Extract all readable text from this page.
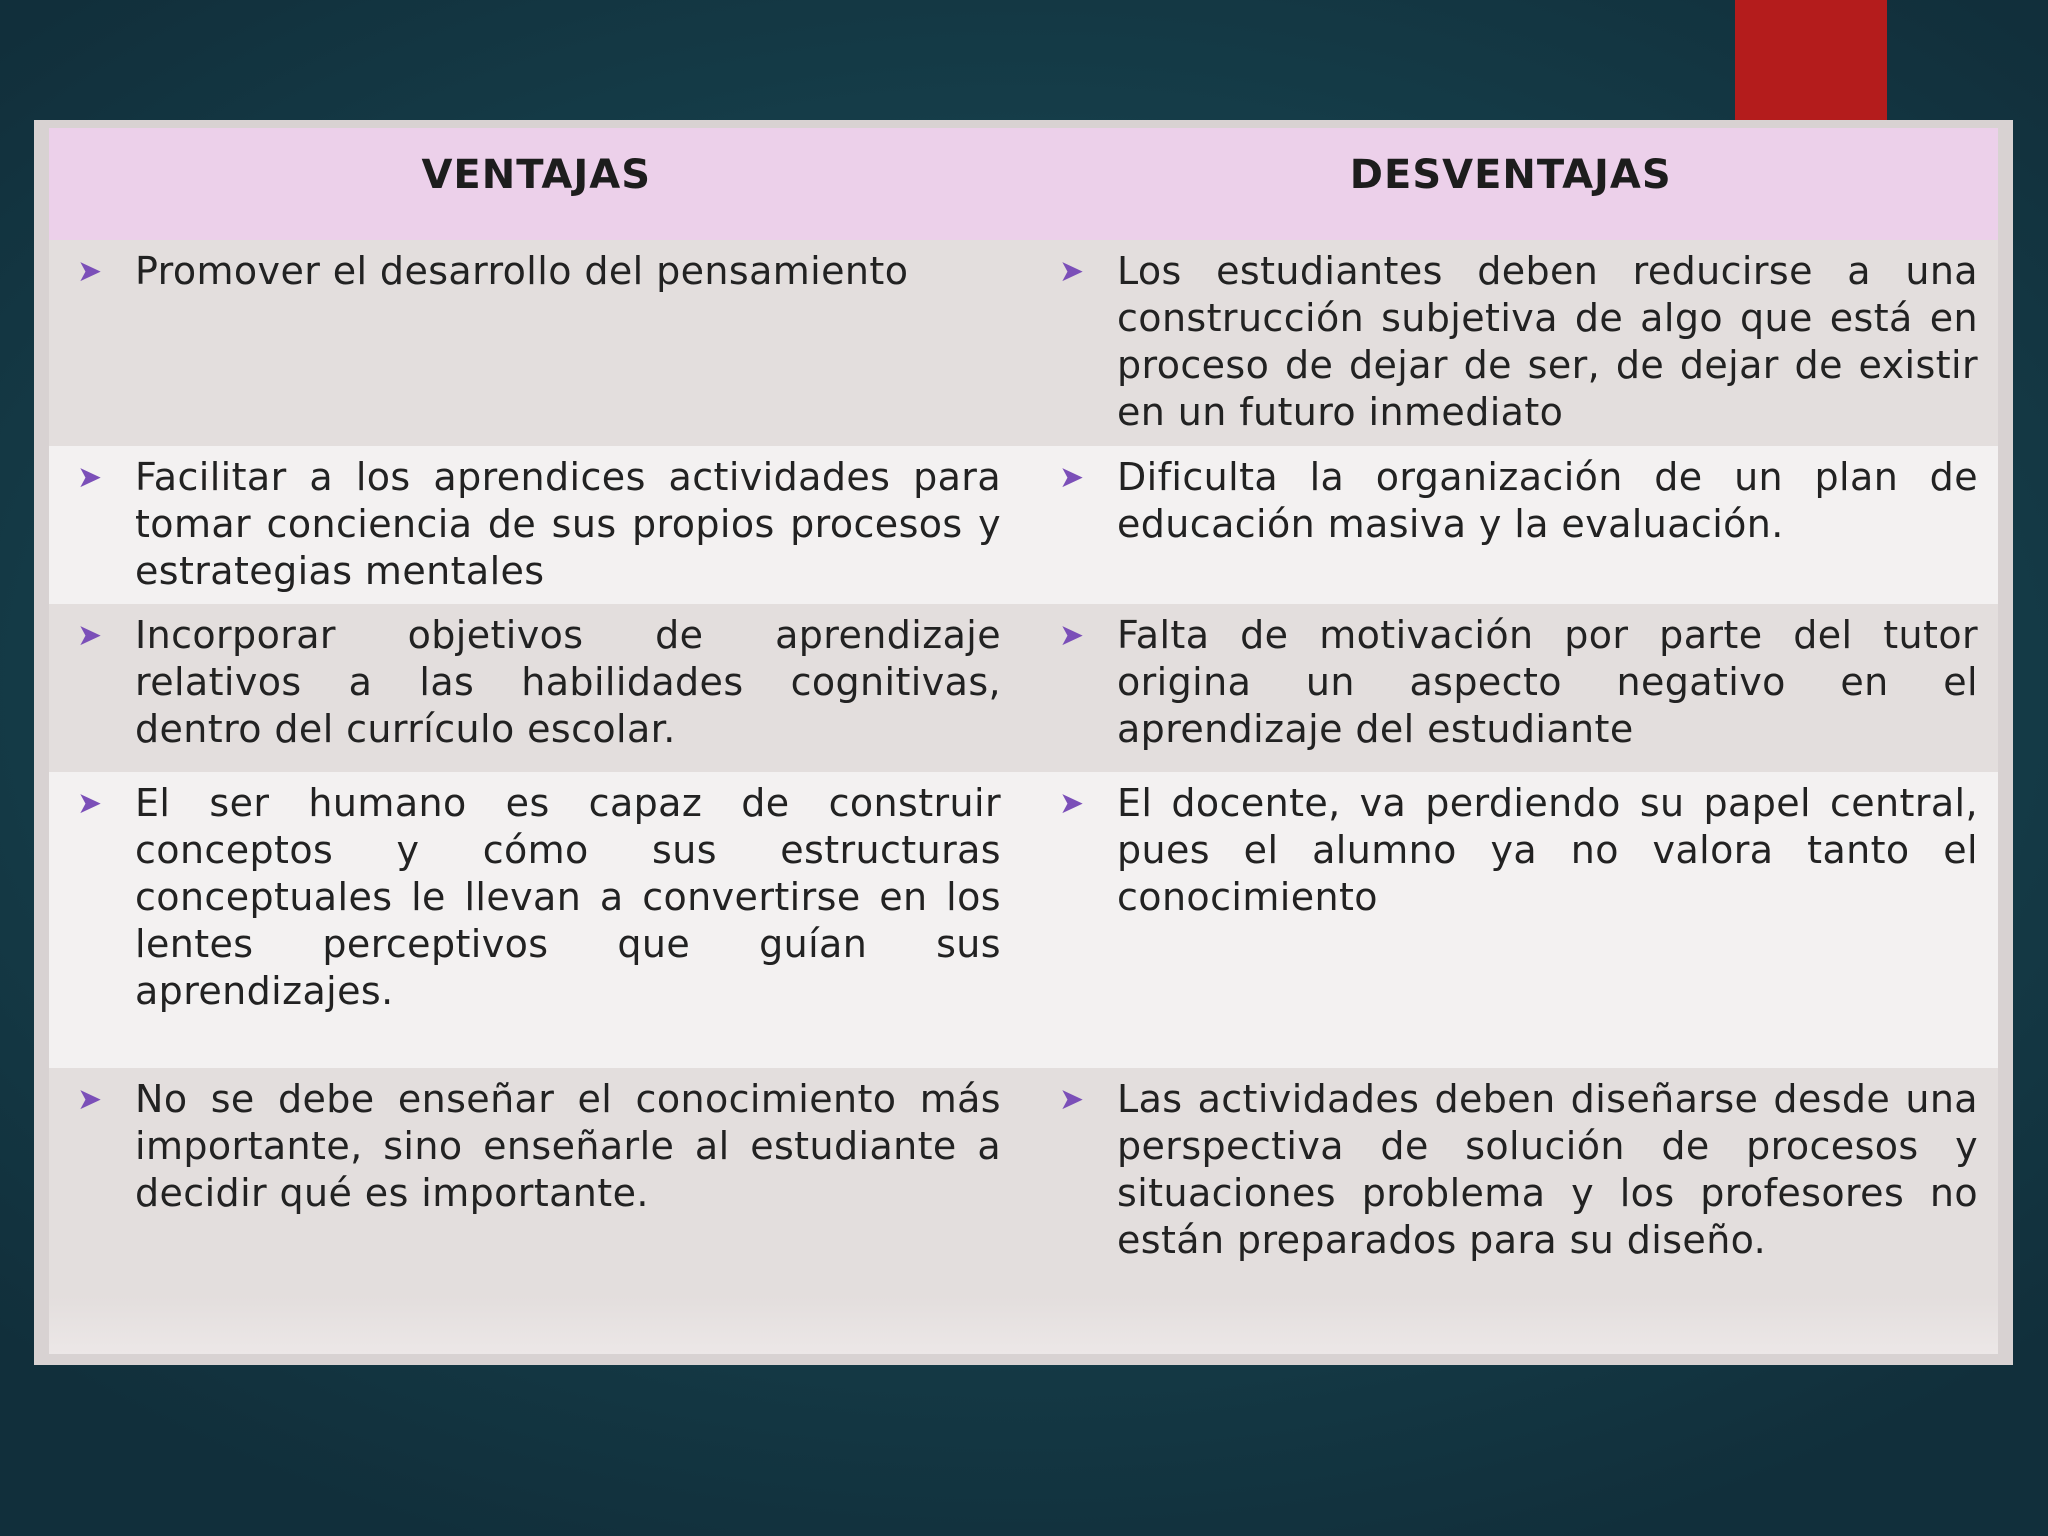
VENTAJAS	DESVENTAJAS
➤ Promover el desarrollo del pensamiento	➤ Los estudiantes deben reducirse a una construcción subjetiva de algo que está en proceso de dejar de ser, de dejar de existir en un futuro inmediato
➤ Facilitar a los aprendices actividades para tomar conciencia de sus propios procesos y estrategias mentales
➤ Dificulta la organización de un plan de educación masiva y la evaluación.
➤ Incorporar objetivos de aprendizaje relativos a las habilidades cognitivas, dentro del currículo escolar.
➤ Falta de motivación por parte del tutor origina un aspecto negativo en el aprendizaje del estudiante
➤ El ser humano es capaz de construir conceptos y cómo sus estructuras conceptuales le llevan a convertirse en los lentes perceptivos que guían sus aprendizajes.
➤ El docente, va perdiendo su papel central, pues el alumno ya no valora tanto el conocimiento
➤ No se debe enseñar el conocimiento más importante, sino enseñarle al estudiante a decidir qué es importante.
➤ Las actividades deben diseñarse desde una perspectiva de solución de procesos y situaciones problema y los profesores no están preparados para su diseño.
